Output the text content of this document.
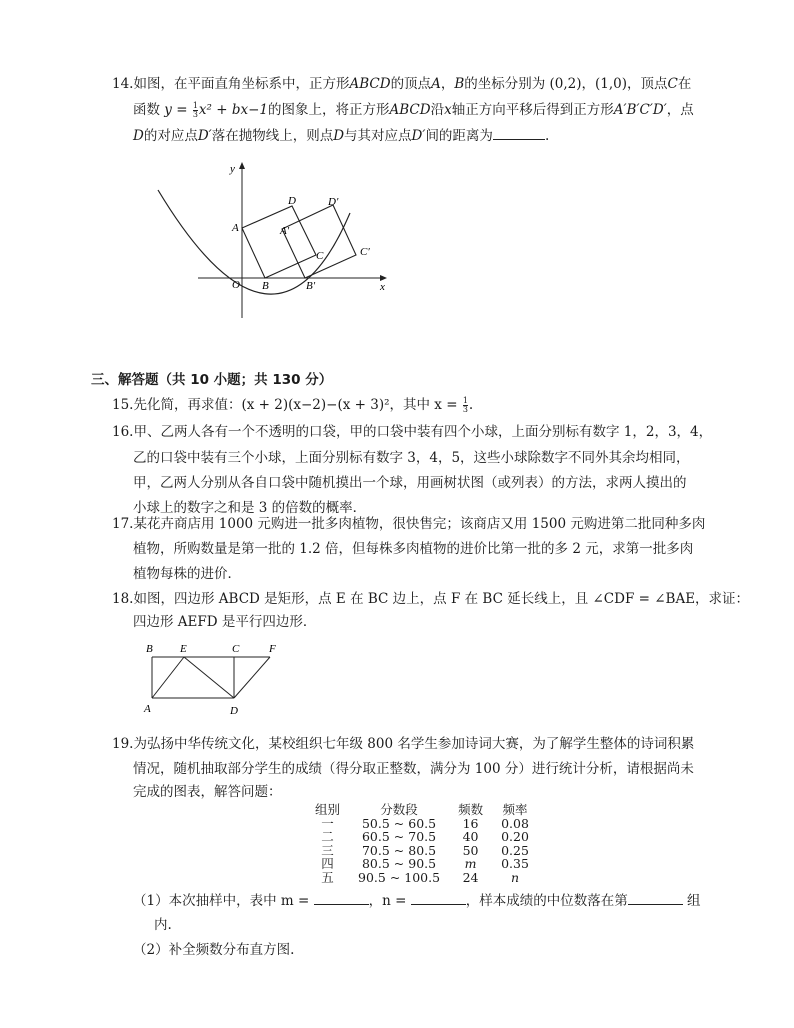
14.如图，在平面直角坐标系中，正方形ABCD的顶点A，B的坐标分别为 (0,2)，(1,0)，顶点C在
函数 $y = \frac{1}{3} x^2 + bx-1$的图象上，将正方形ABCD沿x轴正方向平移后得到正方形A′B′C′D′，点
D的对应点D′落在抛物线上，则点D与其对应点D′间的距离为	.
y
x
O
A
B
C
D
A′
B′
C′
D′
三、解答题（共 10 小题；共 130 分）
15.先化简，再求值：(x + 2)(x−2)−(x + 3)²，其中 $x = \frac{1}{3}$ .
16.甲、乙两人各有一个不透明的口袋，甲的口袋中装有四个小球，上面分别标有数字 1，2，3，4，
乙的口袋中装有三个小球，上面分别标有数字 3，4，5，这些小球除数字不同外其余均相同，
甲，乙两人分别从各自口袋中随机摸出一个球，用画树状图（或列表）的方法，求两人摸出的
小球上的数字之和是 3 的倍数的概率．
17.某花卉商店用 1000 元购进一批多肉植物，很快售完；该商店又用 1500 元购进第二批同种多肉
植物，所购数量是第一批的 1.2 倍，但每株多肉植物的进价比第一批的多 2 元，求第一批多肉
植物每株的进价．
18.如图，四边形 ABCD 是矩形，点 E 在 BC 边上，点 F 在 BC 延长线上，且 ∠CDF = ∠BAE，求证：
四边形 AEFD 是平行四边形．
B E	C	F
A	D
19.为弘扬中华传统文化，某校组织七年级 800 名学生参加诗词大赛，为了解学生整体的诗词积累
情况，随机抽取部分学生的成绩（得分取正整数，满分为 100 分）进行统计分析，请根据尚未
完成的图表，解答问题：
组别	分数段	频数	频率
一	50.5 ~ 60.5	16	0.08
二	60.5 ~ 70.5	40	0.20
三	70.5 ~ 80.5	50	0.25
四	80.5 ~ 90.5	m	0.35
五	90.5 ~ 100.5	24	n
（1）本次抽样中，表中 m =	，n =	，样本成绩的中位数落在第	组
内.
（2）补全频数分布直方图.
